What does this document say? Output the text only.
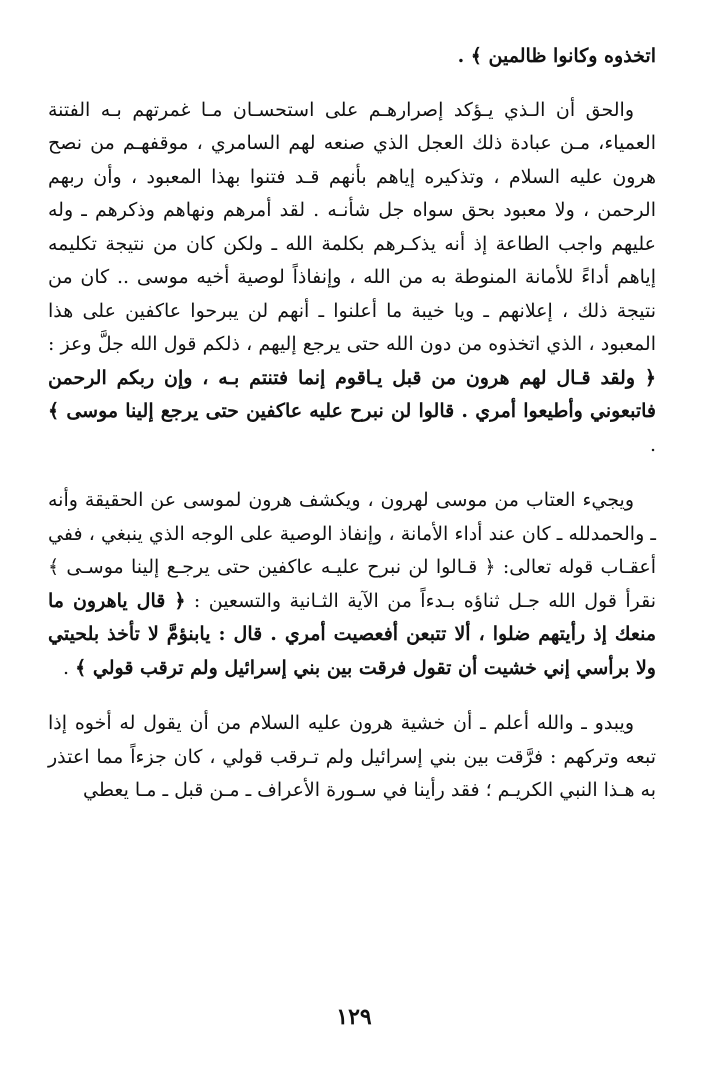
اتخذوه وكانوا ظالمين ﴾ .

والحق أن الـذي يـؤكد إصرارهـم على استحسـان مـا غمرتهم بـه الفتنة العمياء، مـن عبادة ذلك العجل الذي صنعه لهم السامري ، موقفهـم من نصح هرون عليه السلام ، وتذكيره إياهم بأنهم قـد فتنوا بهذا المعبود ، وأن ربهم الرحمن ، ولا معبود بحق سواه جل شأنـه . لقد أمرهم ونهاهم وذكرهم ـ وله عليهم واجب الطاعة إذ أنه يذكـرهم بكلمة الله ـ ولكن كان من نتيجة تكليمه إياهم أداءً للأمانة المنوطة به من الله ، وإنفاذاً لوصية أخيه موسى .. كان من نتيجة ذلك ، إعلانهم ـ ويا خيبة ما أعلنوا ـ أنهم لن يبرحوا عاكفين على هذا المعبود ، الذي اتخذوه من دون الله حتى يرجع إليهم ، ذلكم قول الله جلَّ وعز : ﴿ ولقد قـال لهم هرون من قبل يـاقوم إنما فتنتم بـه ، وإن ربكم الرحمن فاتبعوني وأطيعوا أمري . قالوا لن نبرح عليه عاكفين حتى يرجع إلينا موسى ﴾ .

ويجيء العتاب من موسى لهرون ، ويكشف هرون لموسى عن الحقيقة وأنه ـ والحمدلله ـ كان عند أداء الأمانة ، وإنفاذ الوصية على الوجه الذي ينبغي ، ففي أعقـاب قوله تعالى: ﴿ قـالوا لن نبرح عليـه عاكفين حتى يرجـع إلينا موسـى ﴾ نقرأ قول الله جـل ثناؤه بـدءاً من الآية الثـانية والتسعين : ﴿ قال ياهرون ما منعك إذ رأيتهم ضلوا ، ألا تتبعن أفعصيت أمري . قال : يابنؤمَّ لا تأخذ بلحيتي ولا برأسي إني خشيت أن تقول فرقت بين بني إسرائيل ولم ترقب قولي ﴾ .

ويبدو ـ والله أعلم ـ أن خشية هرون عليه السلام من أن يقول له أخوه إذا تبعه وتركهم : فرَّقت بين بني إسرائيل ولم تـرقب قولي ، كان جزءاً مما اعتذر به هـذا النبي الكريـم ؛ فقد رأينا في سـورة الأعراف ـ مـن قبل ـ مـا يعطي

١٢٩
